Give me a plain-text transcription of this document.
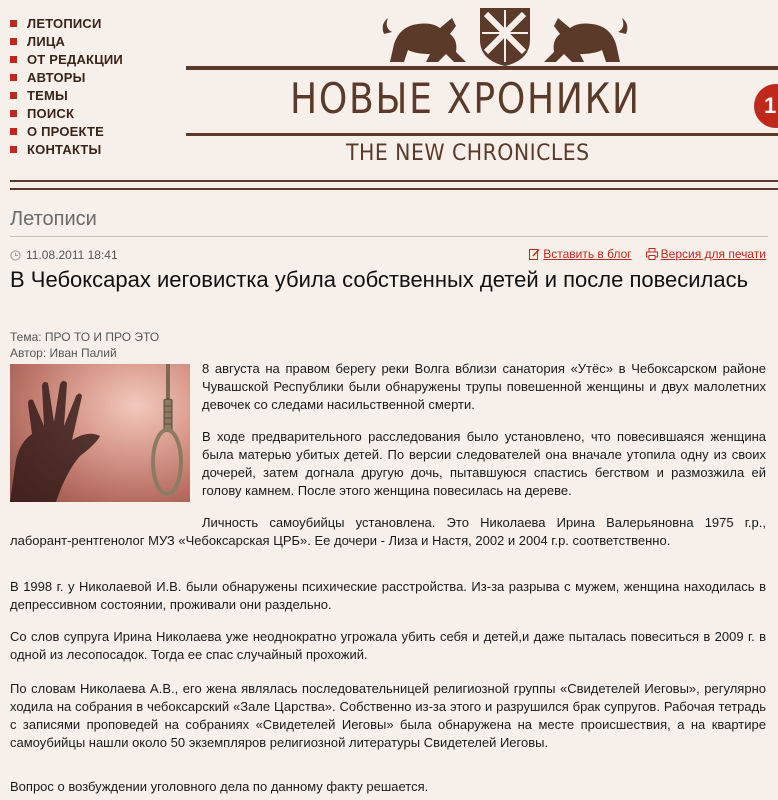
ЛЕТОПИСИ
ЛИЦА
ОТ РЕДАКЦИИ
АВТОРЫ
ТЕМЫ
ПОИСК
О ПРОЕКТЕ
КОНТАКТЫ
НОВЫЕ ХРОНИКИ	1
THE NEW CHRONICLES
Летописи
11.08.2011 18:41	Вставить в блог Версия для печати
В Чебоксарах иеговистка убила собственных детей и после повесилась
Тема: ПРО ТО И ПРО ЭТО
Автор: Иван Палий

8 августа на правом берегу реки Волга вблизи санатория «Утёс» в Чебоксарском районе Чувашской Республики были обнаружены трупы повешенной женщины и двух малолетних девочек со следами насильственной смерти.

В ходе предварительного расследования было установлено, что повесившаяся женщина была матерью убитых детей. По версии следователей она вначале утопила одну из своих дочерей, затем догнала другую дочь, пытавшуюся спастись бегством и размозжила ей голову камнем. После этого женщина повесилась на дереве.

Личность самоубийцы установлена. Это Николаева Ирина Валерьяновна 1975 г.р., лаборант-рентгенолог МУЗ «Чебоксарская ЦРБ». Ее дочери - Лиза и Настя, 2002 и 2004 г.р. соответственно.

В 1998 г. у Николаевой И.В. были обнаружены психические расстройства. Из-за разрыва с мужем, женщина находилась в депрессивном состоянии, проживали они раздельно.

Со слов супруга Ирина Николаева уже неоднократно угрожала убить себя и детей,и даже пыталась повеситься в 2009 г. в одной из лесопосадок. Тогда ее спас случайный прохожий.

По словам Николаева А.В., его жена являлась последовательницей религиозной группы «Свидетелей Иеговы», регулярно ходила на собрания в чебоксарский «Зале Царства». Собственно из-за этого и разрушился брак супругов. Рабочая тетрадь с записями проповедей на собраниях «Свидетелей Иеговы» была обнаружена на месте происшествия, а на квартире самоубийцы нашли около 50 экземпляров религиозной литературы Свидетелей Иеговы.

Вопрос о возбуждении уголовного дела по данному факту решается.
